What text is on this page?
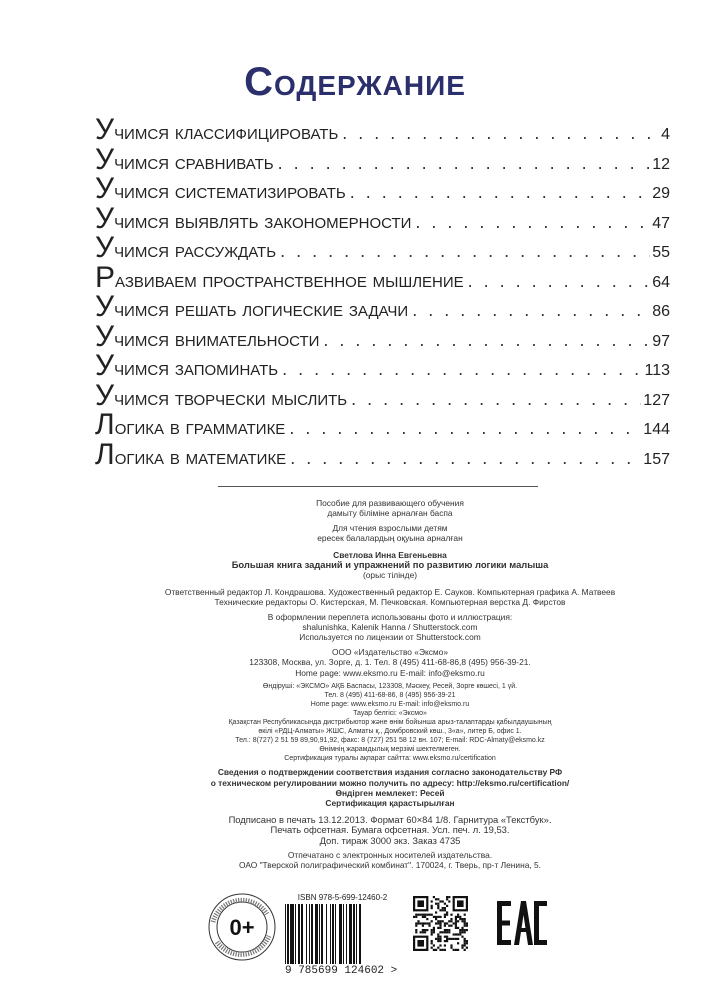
Содержание
Учимся классифицировать . . .	4
Учимся сравнивать . . .	12
Учимся систематизировать . . .	29
Учимся выявлять закономерности . . .	47
Учимся рассуждать . . .	55
Развиваем пространственное мышление . . .	64
Учимся решать логические задачи . . .	86
Учимся внимательности . . .	97
Учимся запоминать . . .	113
Учимся творчески мыслить . . .	127
Логика в грамматике . . .	144
Логика в математике . . .	157

Пособие для развивающего обучения

дамыту біліміне арналған баспа

Для чтения взрослыми детям

ересек балалардың оқуына арналған

Светлова Инна Евгеньевна

Большая книга заданий и упражнений по развитию логики малыша

(орыс тілінде)

Ответственный редактор Л. Кондрашова. Художественный редактор Е. Сауков. Компьютерная графика А. Матвеев

Технические редакторы О. Кистерская, М. Печковская. Компьютерная верстка Д. Фирстов

В оформлении переплета использованы фото и иллюстрация:

shalunishka, Kalenik Hanna / Shutterstock.com

Используется по лицензии от Shutterstock.com

ООО «Издательство «Эксмо»

123308, Москва, ул. Зорге, д. 1. Тел. 8 (495) 411-68-86,8 (495) 956-39-21.

Home page: www.eksmo.ru E-mail: info@eksmo.ru

Өндіруші: «ЭКСМО» АҚБ Баспасы, 123308, Мәскеу, Ресей, Зорге көшесі, 1 үй.

Тел. 8 (495) 411-68-86, 8 (495) 956-39-21

Home page: www.eksmo.ru E-mail: info@eksmo.ru

Тауар белгісі: «Эксмо»

Қазақстан Республикасында дистрибьютор және өнім бойынша арыз-талаптарды қабылдаушының

өкілі «РДЦ-Алматы» ЖШС, Алматы қ., Домбровский көш., 3«а», литер Б, офис 1.

Тел.: 8(727) 2 51 59 89,90,91,92, факс: 8 (727) 251 58 12 вн. 107; E-mail: RDC-Almaty@eksmo.kz

Өнімнің жарамдылық мерзімі шектелмеген.

Сертификация туралы ақпарат сайтта: www.eksmo.ru/certification

Сведения о подтверждении соответствия издания согласно законодательству РФ

о техническом регулировании можно получить по адресу: http://eksmo.ru/certification/

Өндірген мемлекет: Ресей

Сертификация қарастырылған

Подписано в печать 13.12.2013. Формат 60×84 1/8. Гарнитура «Текстбук».

Печать офсетная. Бумага офсетная. Усл. печ. л. 19,53.

Доп. тираж 3000 экз. Заказ 4735

Отпечатано с электронных носителей издательства.

ОАО "Тверской полиграфический комбинат". 170024, г. Тверь, пр-т Ленина, 5.

0+
ISBN 978-5-699-12460-2
9 785699 124602 >
